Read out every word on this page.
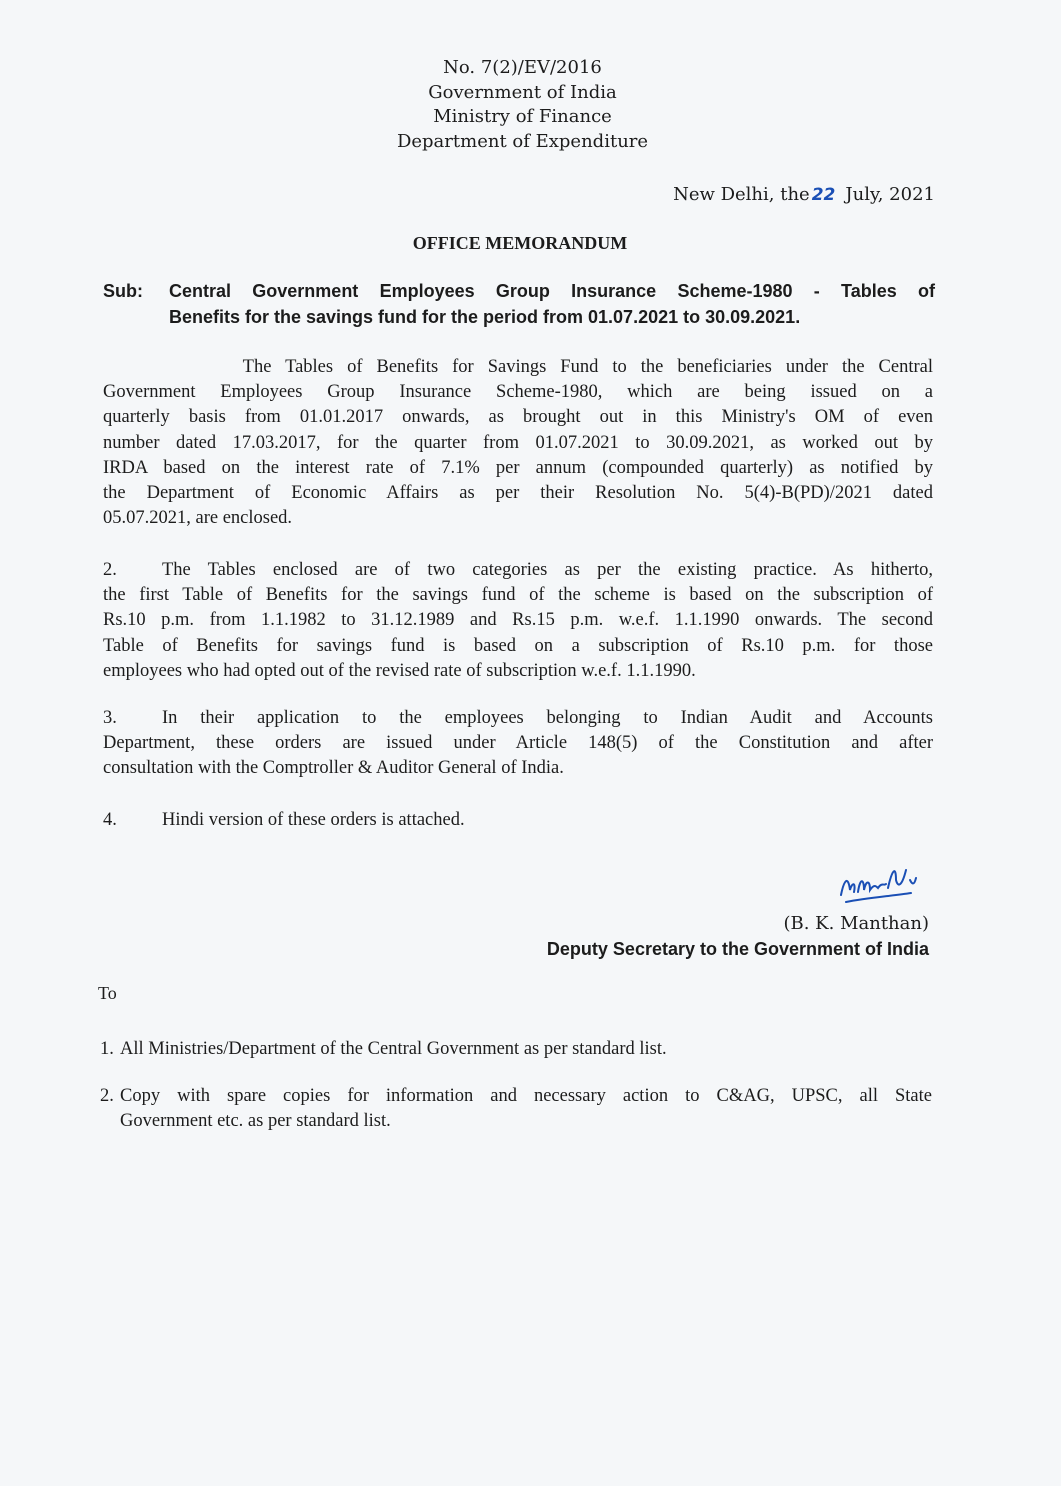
No. 7(2)/EV/2016
Government of India
Ministry of Finance
Department of Expenditure
New Delhi, the 22 July, 2021
OFFICE MEMORANDUM
Sub: Central Government Employees Group Insurance Scheme-1980 - Tables of
Benefits for the savings fund for the period from 01.07.2021 to 30.09.2021.
The Tables of Benefits for Savings Fund to the beneficiaries under the Central
Government Employees Group Insurance Scheme-1980, which are being issued on a
quarterly basis from 01.01.2017 onwards, as brought out in this Ministry's OM of even
number dated 17.03.2017, for the quarter from 01.07.2021 to 30.09.2021, as worked out by
IRDA based on the interest rate of 7.1% per annum (compounded quarterly) as notified by
the Department of Economic Affairs as per their Resolution No. 5(4)-B(PD)/2021 dated
05.07.2021, are enclosed.
2.	The Tables enclosed are of two categories as per the existing practice. As hitherto,
the first Table of Benefits for the savings fund of the scheme is based on the subscription of
Rs.10 p.m. from 1.1.1982 to 31.12.1989 and Rs.15 p.m. w.e.f. 1.1.1990 onwards. The second
Table of Benefits for savings fund is based on a subscription of Rs.10 p.m. for those
employees who had opted out of the revised rate of subscription w.e.f. 1.1.1990.
3.	In their application to the employees belonging to Indian Audit and Accounts
Department, these orders are issued under Article 148(5) of the Constitution and after
consultation with the Comptroller & Auditor General of India.
4.	Hindi version of these orders is attached.
(B. K. Manthan)
Deputy Secretary to the Government of India
To
1. All Ministries/Department of the Central Government as per standard list.
2. Copy with spare copies for information and necessary action to C&AG, UPSC, all State
Government etc. as per standard list.
